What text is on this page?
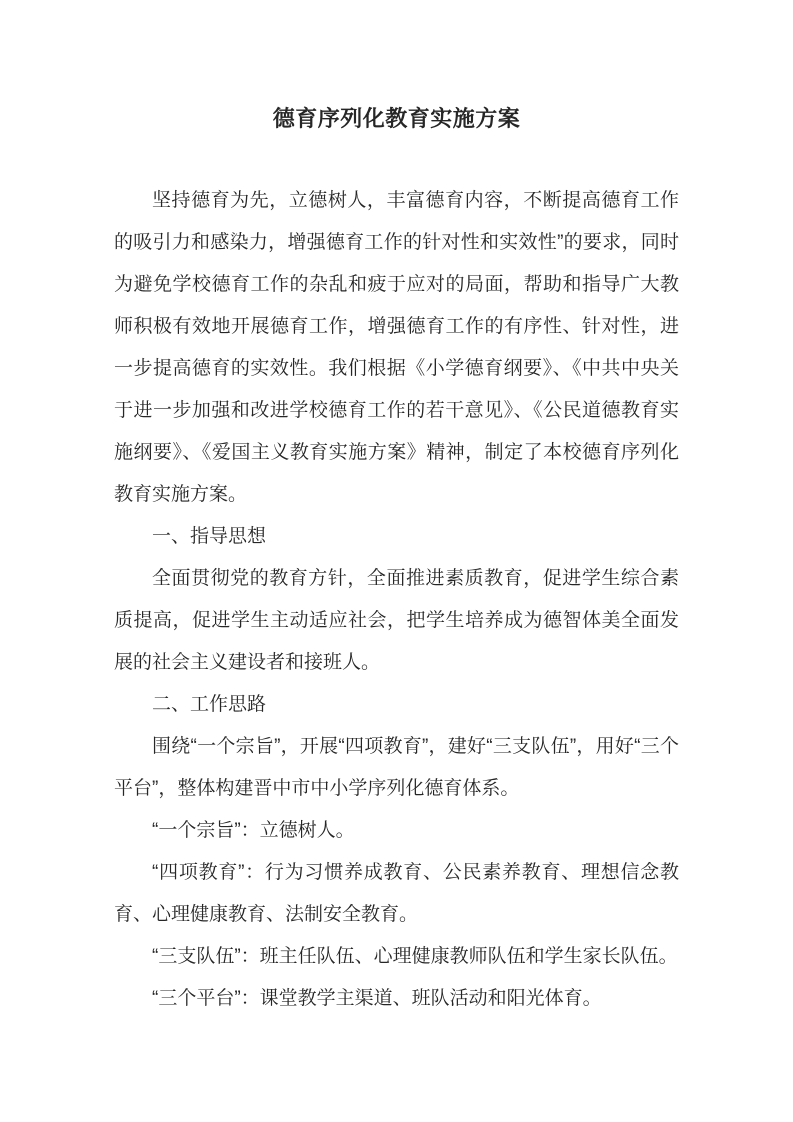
德育序列化教育实施方案

坚持德育为先，立德树人，丰富德育内容，不断提高德育工作的吸引力和感染力，增强德育工作的针对性和实效性”的要求，同时为避免学校德育工作的杂乱和疲于应对的局面，帮助和指导广大教师积极有效地开展德育工作，增强德育工作的有序性、针对性，进一步提高德育的实效性。我们根据《小学德育纲要》、《中共中央关于进一步加强和改进学校德育工作的若干意见》、《公民道德教育实施纲要》、《爱国主义教育实施方案》精神，制定了本校德育序列化教育实施方案。

一、指导思想

全面贯彻党的教育方针，全面推进素质教育，促进学生综合素质提高，促进学生主动适应社会，把学生培养成为德智体美全面发展的社会主义建设者和接班人。

二、工作思路

围绕“一个宗旨”，开展“四项教育”，建好“三支队伍”，用好“三个平台”，整体构建晋中市中小学序列化德育体系。

“一个宗旨”：立德树人。

“四项教育”：行为习惯养成教育、公民素养教育、理想信念教育、心理健康教育、法制安全教育。

“三支队伍”：班主任队伍、心理健康教师队伍和学生家长队伍。

“三个平台”：课堂教学主渠道、班队活动和阳光体育。
